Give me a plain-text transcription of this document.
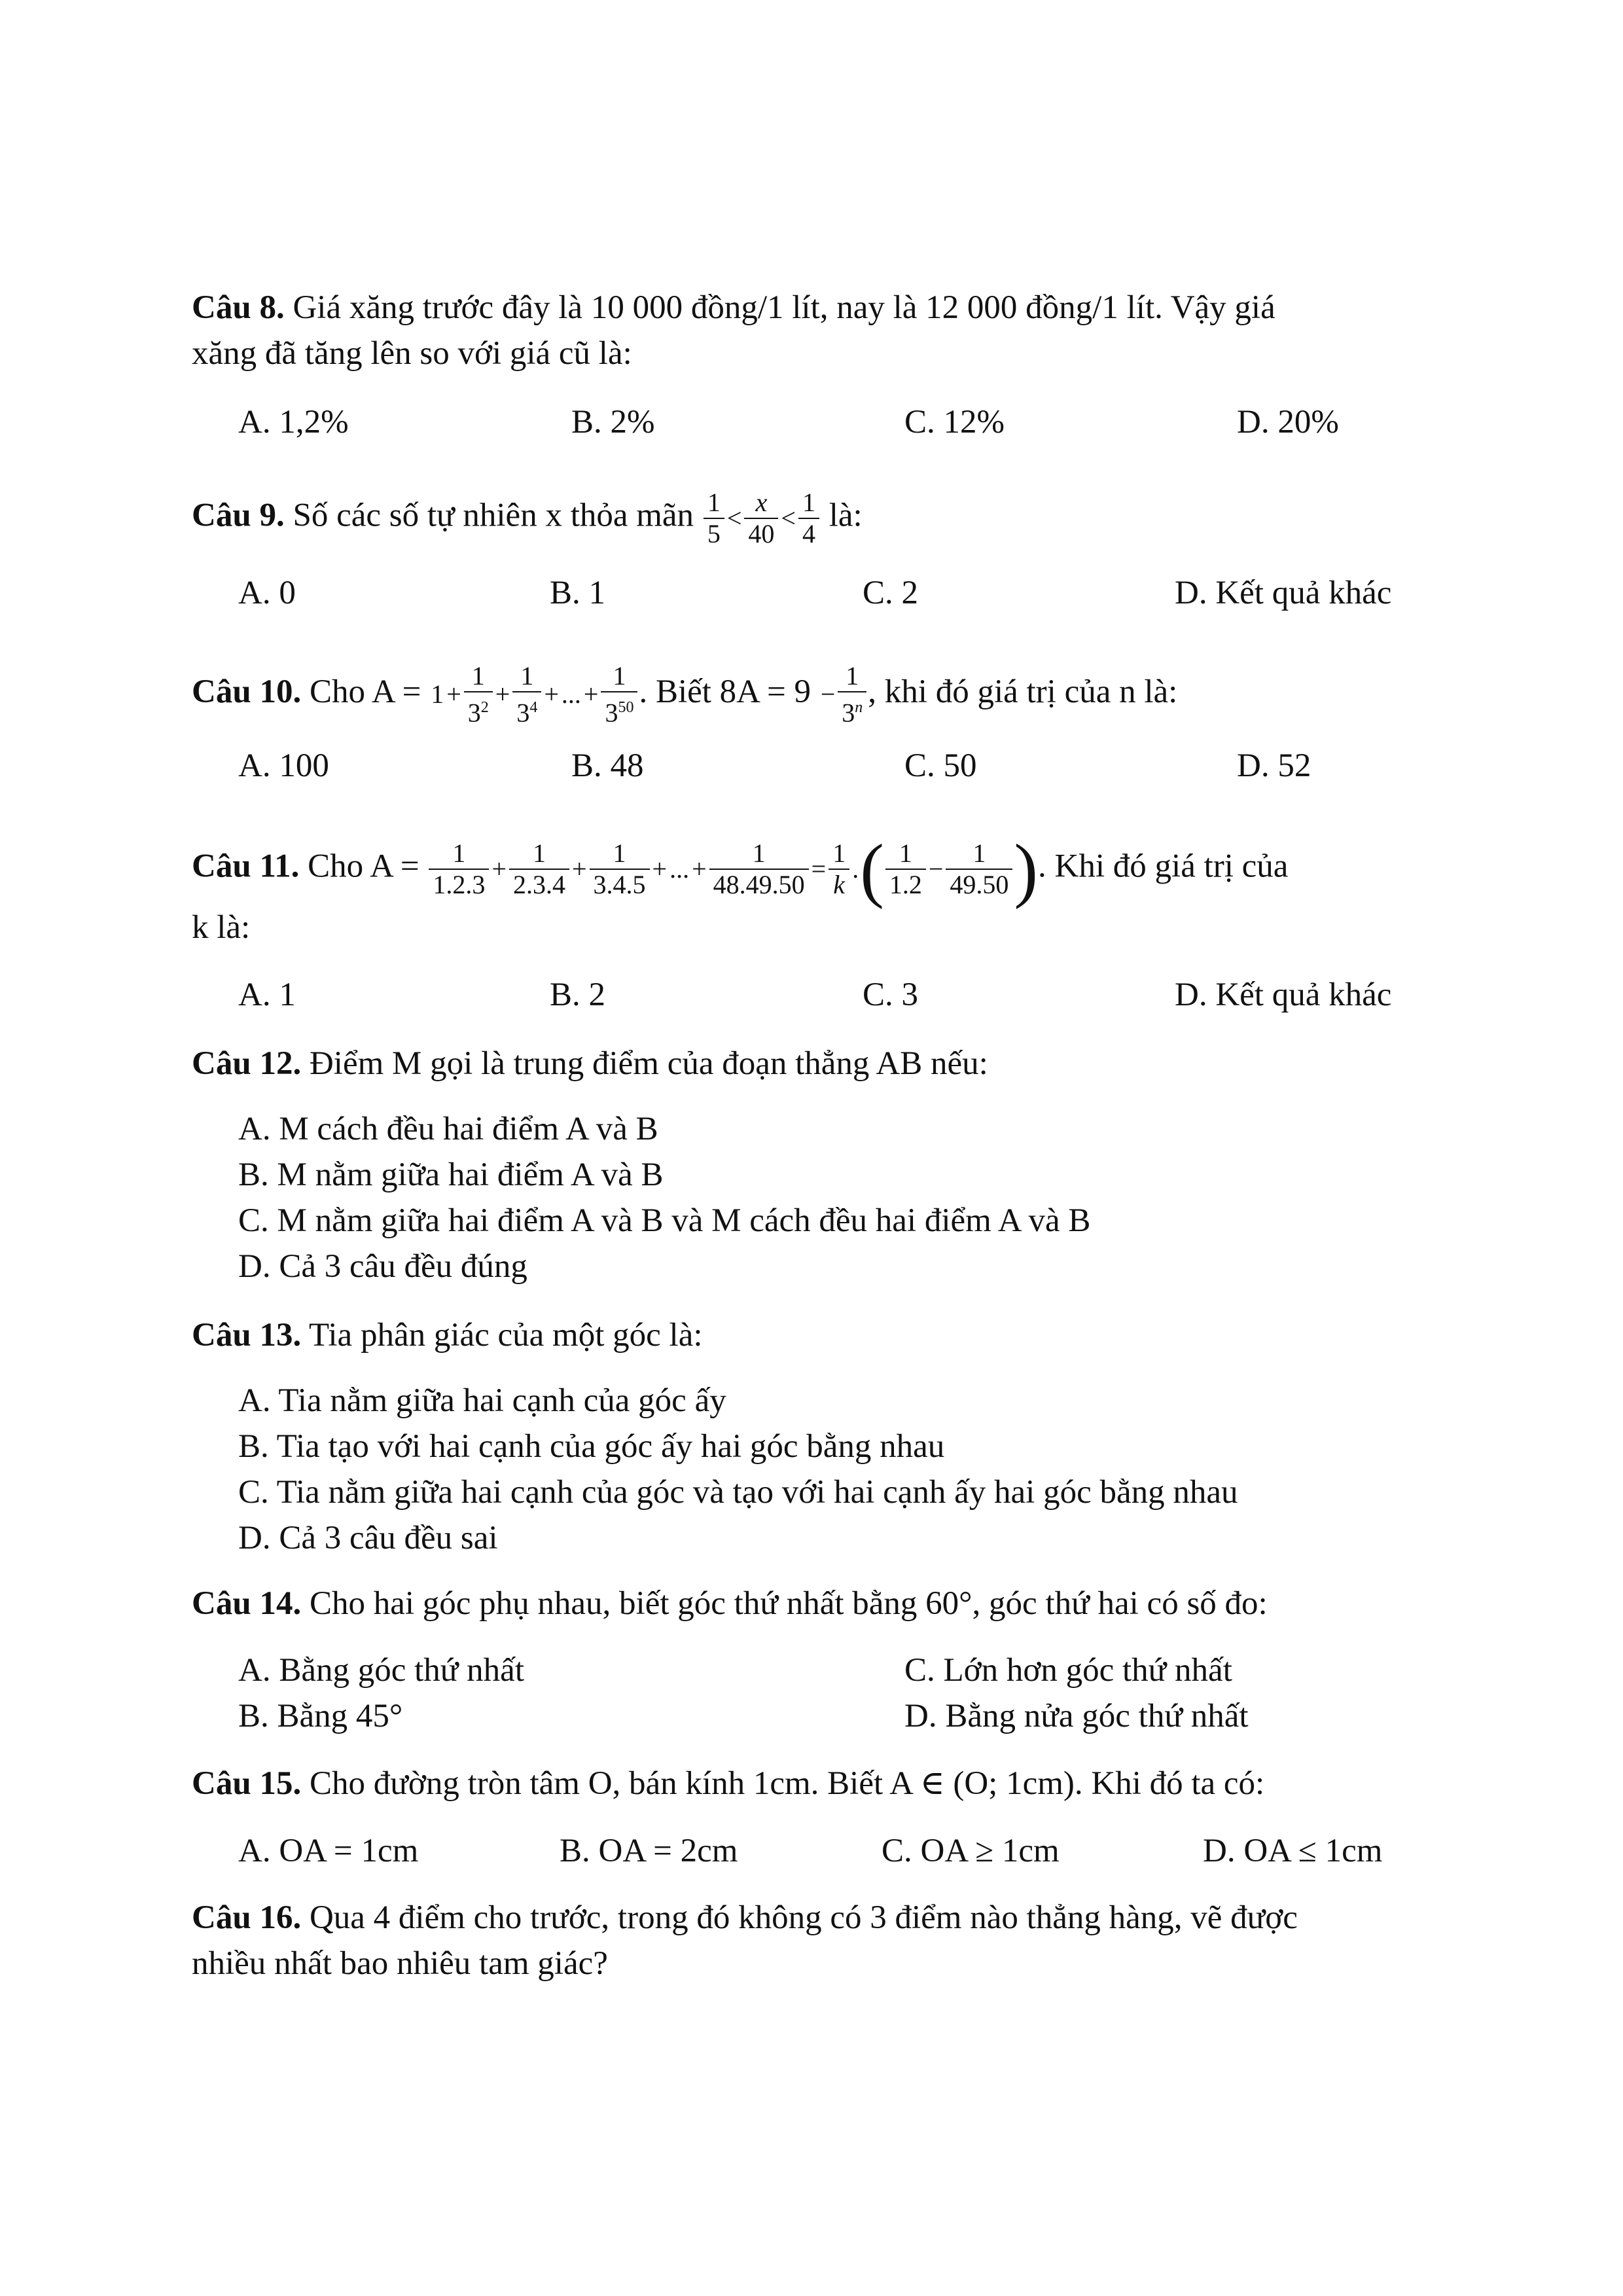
Câu 8. Giá xăng trước đây là 10 000 đồng/1 lít, nay là 12 000 đồng/1 lít. Vậy giá
xăng đã tăng lên so với giá cũ là:
A. 1,2%	B. 2%	C. 12%	D. 20%
Câu 9. Số các số tự nhiên x thỏa mãn $\frac{1}{5} < \frac{x}{40} < \frac{1}{4}$ là:
A. 0	B. 1	C. 2	D. Kết quả khác
Câu 10. Cho $A = 1 + \frac{1}{3^2} + \frac{1}{3^4}$ + ... + $\frac{1}{3^{50}}$ . Biết $8A = 9 - \frac{1}{3^n}$ , khi đó giá trị của n là:
A. 100	B. 48	C. 50	D. 52
Câu 11. Cho $A = \frac{1}{1.2.3} + \frac{1}{2.3.4} + \frac{1}{3.4.5}$ + ... + $\frac{1}{48.49.50} = \frac{1}{k}$ .( $\frac{1}{1.2} - \frac{1}{49.50}$ ). Khi đó giá trị của
k là:
A. 1	B. 2	C. 3	D. Kết quả khác
Câu 12. Điểm M gọi là trung điểm của đoạn thẳng AB nếu:
A. M cách đều hai điểm A và B
B. M nằm giữa hai điểm A và B
C. M nằm giữa hai điểm A và B và M cách đều hai điểm A và B
D. Cả 3 câu đều đúng
Câu 13. Tia phân giác của một góc là:
A. Tia nằm giữa hai cạnh của góc ấy
B. Tia tạo với hai cạnh của góc ấy hai góc bằng nhau
C. Tia nằm giữa hai cạnh của góc và tạo với hai cạnh ấy hai góc bằng nhau
D. Cả 3 câu đều sai
Câu 14. Cho hai góc phụ nhau, biết góc thứ nhất bằng 60°, góc thứ hai có số đo:
A. Bằng góc thứ nhất	C. Lớn hơn góc thứ nhất
B. Bằng 45°	D. Bằng nửa góc thứ nhất
Câu 15. Cho đường tròn tâm O, bán kính 1cm. Biết A ∈ (O; 1cm). Khi đó ta có:
A. OA = 1cm	B. OA = 2cm	C. OA ≥ 1cm	D. OA ≤ 1cm
Câu 16. Qua 4 điểm cho trước, trong đó không có 3 điểm nào thẳng hàng, vẽ được
nhiều nhất bao nhiêu tam giác?
